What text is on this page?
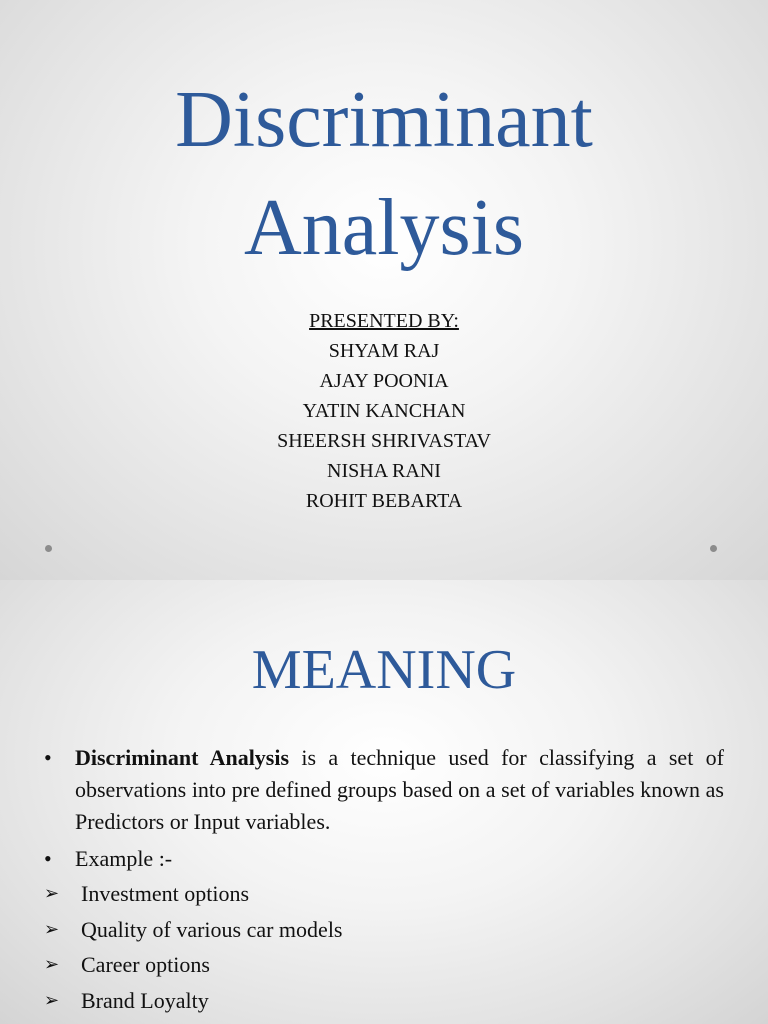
Discriminant
Analysis
PRESENTED BY:
SHYAM RAJ
AJAY POONIA
YATIN KANCHAN
SHEERSH SHRIVASTAV
NISHA RANI
ROHIT BEBARTA
MEANING
• Discriminant Analysis is a technique used for classifying a set of observations into pre defined groups based on a set of variables known as Predictors or Input variables.
• Example :-
➢ Investment options
➢ Quality of various car models
➢ Career options
➢ Brand Loyalty
